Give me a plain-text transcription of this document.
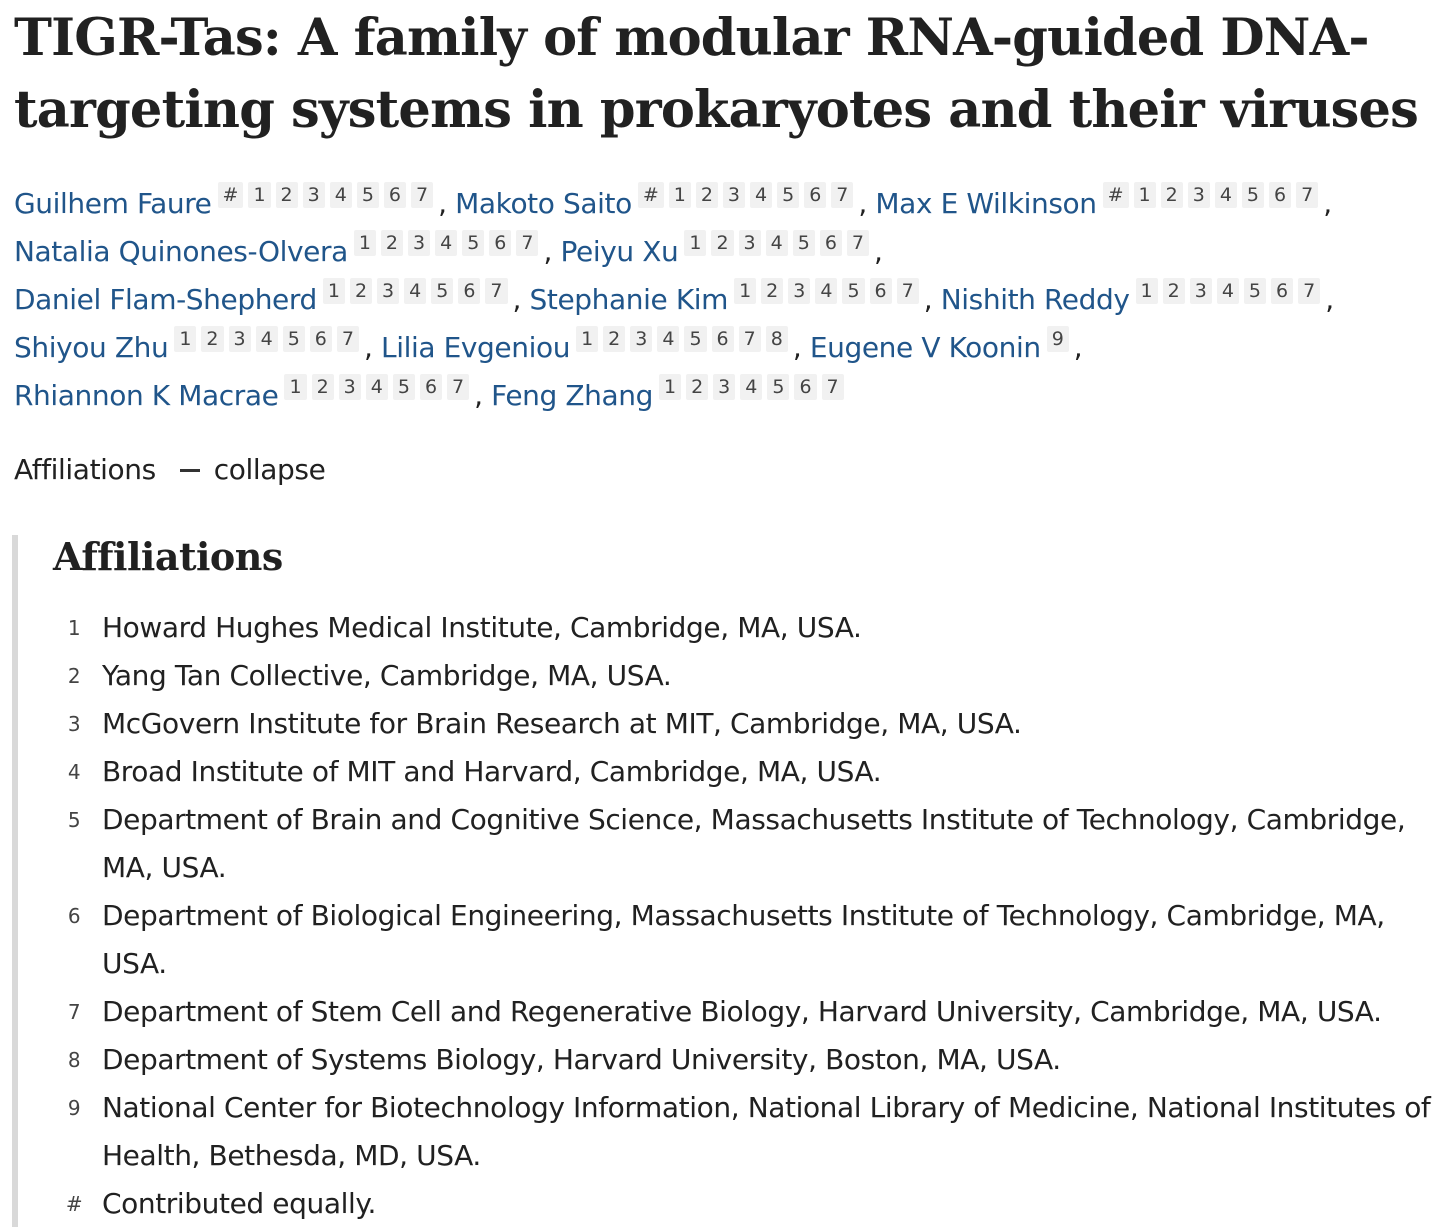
TIGR-Tas: A family of modular RNA-guided DNA-targeting systems in prokaryotes and their viruses
Guilhem Faure # 1 2 3 4 5 6 7 , Makoto Saito # 1 2 3 4 5 6 7 , Max E Wilkinson # 1 2 3 4 5 6 7 ,
Natalia Quinones-Olvera 1 2 3 4 5 6 7 , Peiyu Xu 1 2 3 4 5 6 7 ,
Daniel Flam-Shepherd 1 2 3 4 5 6 7 , Stephanie Kim 1 2 3 4 5 6 7 , Nishith Reddy 1 2 3 4 5 6 7 ,
Shiyou Zhu 1 2 3 4 5 6 7 , Lilia Evgeniou 1 2 3 4 5 6 7 8 , Eugene V Koonin 9 ,
Rhiannon K Macrae 1 2 3 4 5 6 7 , Feng Zhang 1 2 3 4 5 6 7
Affiliations collapse
Affiliations
1 Howard Hughes Medical Institute, Cambridge, MA, USA.
2 Yang Tan Collective, Cambridge, MA, USA.
3 McGovern Institute for Brain Research at MIT, Cambridge, MA, USA.
4 Broad Institute of MIT and Harvard, Cambridge, MA, USA.
5 Department of Brain and Cognitive Science, Massachusetts Institute of Technology, Cambridge, MA, USA.
6 Department of Biological Engineering, Massachusetts Institute of Technology, Cambridge, MA, USA.
7 Department of Stem Cell and Regenerative Biology, Harvard University, Cambridge, MA, USA.
8 Department of Systems Biology, Harvard University, Boston, MA, USA.
9 National Center for Biotechnology Information, National Library of Medicine, National Institutes of Health, Bethesda, MD, USA.
# Contributed equally.
